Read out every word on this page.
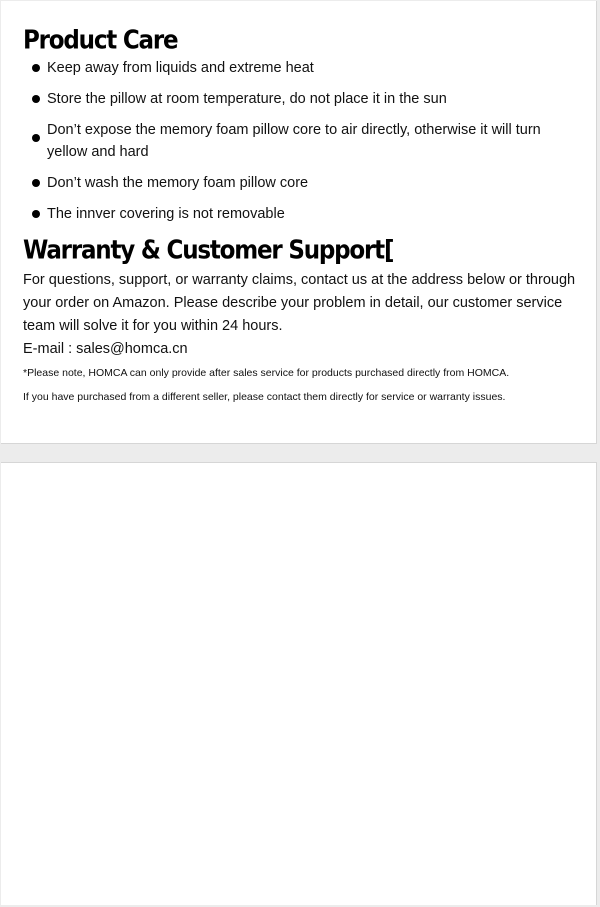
Product Care
Keep away from liquids and extreme heat
Store the pillow at room temperature, do not place it in the sun
Don’t expose the memory foam pillow core to air directly, otherwise it will turn yellow and hard
Don’t wash the memory foam pillow core
The innver covering is not removable
Warranty & Customer Support[

For questions, support, or warranty claims, contact us at the address below or through your order on Amazon. Please describe your problem in detail, our customer service team will solve it for you within 24 hours.

E-mail : sales@homca.cn

*Please note, HOMCA can only provide after sales service for products purchased directly from HOMCA.

If you have purchased from a different seller, please contact them directly for service or warranty issues.
